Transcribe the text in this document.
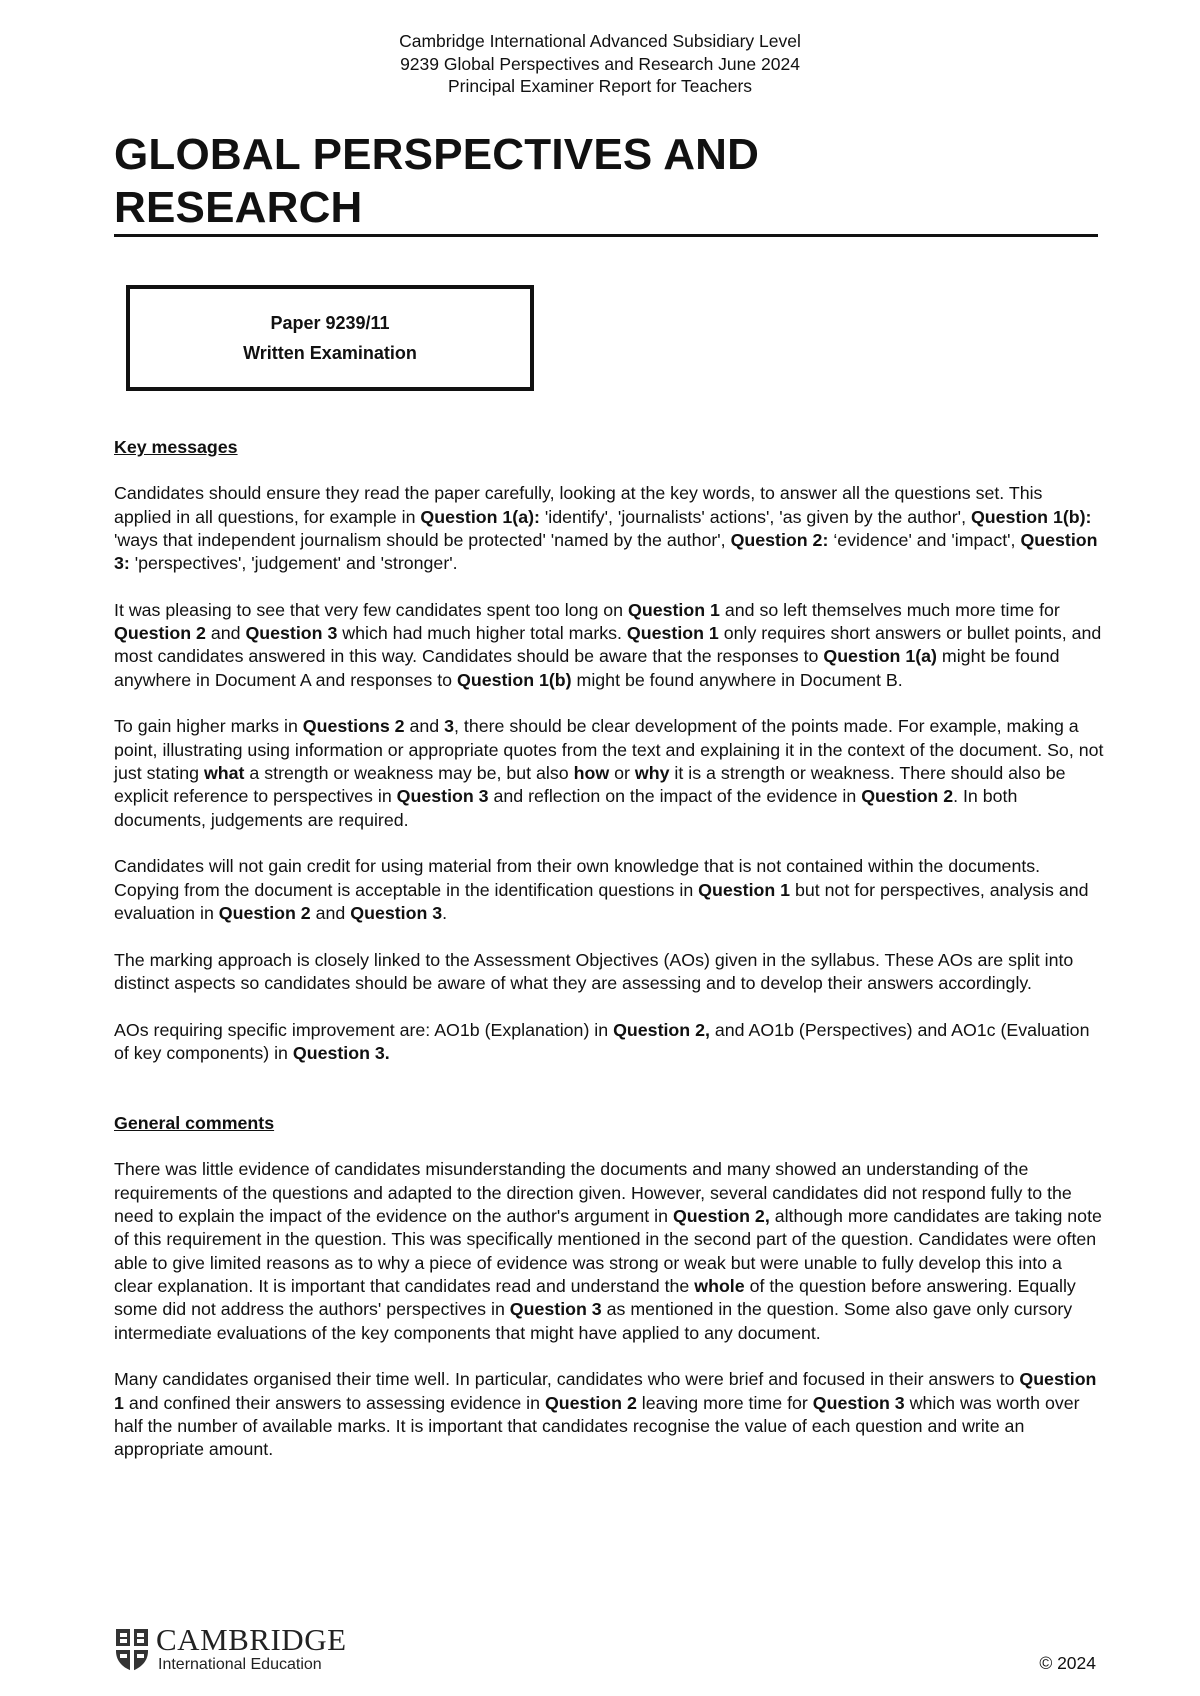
Cambridge International Advanced Subsidiary Level
9239 Global Perspectives and Research June 2024
Principal Examiner Report for Teachers
GLOBAL PERSPECTIVES AND
RESEARCH
Paper 9239/11
Written Examination
Key messages

Candidates should ensure they read the paper carefully, looking at the key words, to answer all the questions set. This applied in all questions, for example in Question 1(a): 'identify', 'journalists' actions', 'as given by the author', Question 1(b): 'ways that independent journalism should be protected' 'named by the author', Question 2: ‘evidence' and 'impact', Question 3: 'perspectives', 'judgement' and 'stronger'.

It was pleasing to see that very few candidates spent too long on Question 1 and so left themselves much more time for Question 2 and Question 3 which had much higher total marks. Question 1 only requires short answers or bullet points, and most candidates answered in this way. Candidates should be aware that the responses to Question 1(a) might be found anywhere in Document A and responses to Question 1(b) might be found anywhere in Document B.

To gain higher marks in Questions 2 and 3, there should be clear development of the points made. For example, making a point, illustrating using information or appropriate quotes from the text and explaining it in the context of the document. So, not just stating what a strength or weakness may be, but also how or why it is a strength or weakness. There should also be explicit reference to perspectives in Question 3 and reflection on the impact of the evidence in Question 2. In both documents, judgements are required.

Candidates will not gain credit for using material from their own knowledge that is not contained within the documents. Copying from the document is acceptable in the identification questions in Question 1 but not for perspectives, analysis and evaluation in Question 2 and Question 3.

The marking approach is closely linked to the Assessment Objectives (AOs) given in the syllabus. These AOs are split into distinct aspects so candidates should be aware of what they are assessing and to develop their answers accordingly.

AOs requiring specific improvement are: AO1b (Explanation) in Question 2, and AO1b (Perspectives) and AO1c (Evaluation of key components) in Question 3.

General comments

There was little evidence of candidates misunderstanding the documents and many showed an understanding of the requirements of the questions and adapted to the direction given. However, several candidates did not respond fully to the need to explain the impact of the evidence on the author's argument in Question 2, although more candidates are taking note of this requirement in the question. This was specifically mentioned in the second part of the question. Candidates were often able to give limited reasons as to why a piece of evidence was strong or weak but were unable to fully develop this into a clear explanation. It is important that candidates read and understand the whole of the question before answering. Equally some did not address the authors' perspectives in Question 3 as mentioned in the question. Some also gave only cursory intermediate evaluations of the key components that might have applied to any document.

Many candidates organised their time well. In particular, candidates who were brief and focused in their answers to Question 1 and confined their answers to assessing evidence in Question 2 leaving more time for Question 3 which was worth over half the number of available marks. It is important that candidates recognise the value of each question and write an appropriate amount.

CAMBRIDGE
International Education	© 2024
